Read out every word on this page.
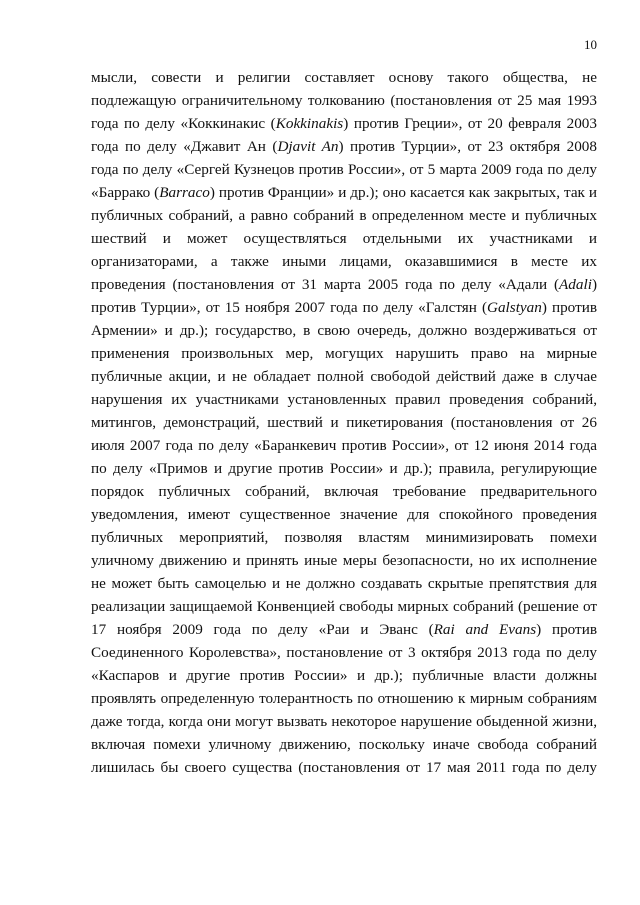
10
мысли, совести и религии составляет основу такого общества, не
подлежащую ограничительному толкованию (постановления от 25 мая 1993
года по делу «Коккинакис (Kokkinakis) против Греции», от 20 февраля 2003
года по делу «Джавит Ан (Djavit An) против Турции», от 23 октября 2008
года по делу «Сергей Кузнецов против России», от 5 марта 2009 года по делу
«Баррако (Barraco) против Франции» и др.); оно касается как закрытых, так и
публичных собраний, а равно собраний в определенном месте и публичных
шествий и может осуществляться отдельными их участниками и
организаторами, а также иными лицами, оказавшимися в месте их
проведения (постановления от 31 марта 2005 года по делу «Адали (Adali)
против Турции», от 15 ноября 2007 года по делу «Галстян (Galstyan) против
Армении» и др.); государство, в свою очередь, должно воздерживаться от
применения произвольных мер, могущих нарушить право на мирные
публичные акции, и не обладает полной свободой действий даже в случае
нарушения их участниками установленных правил проведения собраний,
митингов, демонстраций, шествий и пикетирования (постановления от 26
июля 2007 года по делу «Баранкевич против России», от 12 июня 2014 года
по делу «Примов и другие против России» и др.); правила, регулирующие
порядок публичных собраний, включая требование предварительного
уведомления, имеют существенное значение для спокойного проведения
публичных мероприятий, позволяя властям минимизировать помехи
уличному движению и принять иные меры безопасности, но их исполнение
не может быть самоцелью и не должно создавать скрытые препятствия для
реализации защищаемой Конвенцией свободы мирных собраний (решение от
17 ноября 2009 года по делу «Раи и Эванс (Rai and Evans) против
Соединенного Королевства», постановление от 3 октября 2013 года по делу
«Каспаров и другие против России» и др.); публичные власти должны
проявлять определенную толерантность по отношению к мирным собраниям
даже тогда, когда они могут вызвать некоторое нарушение обыденной жизни,
включая помехи уличному движению, поскольку иначе свобода собраний
лишилась бы своего существа (постановления от 17 мая 2011 года по делу
